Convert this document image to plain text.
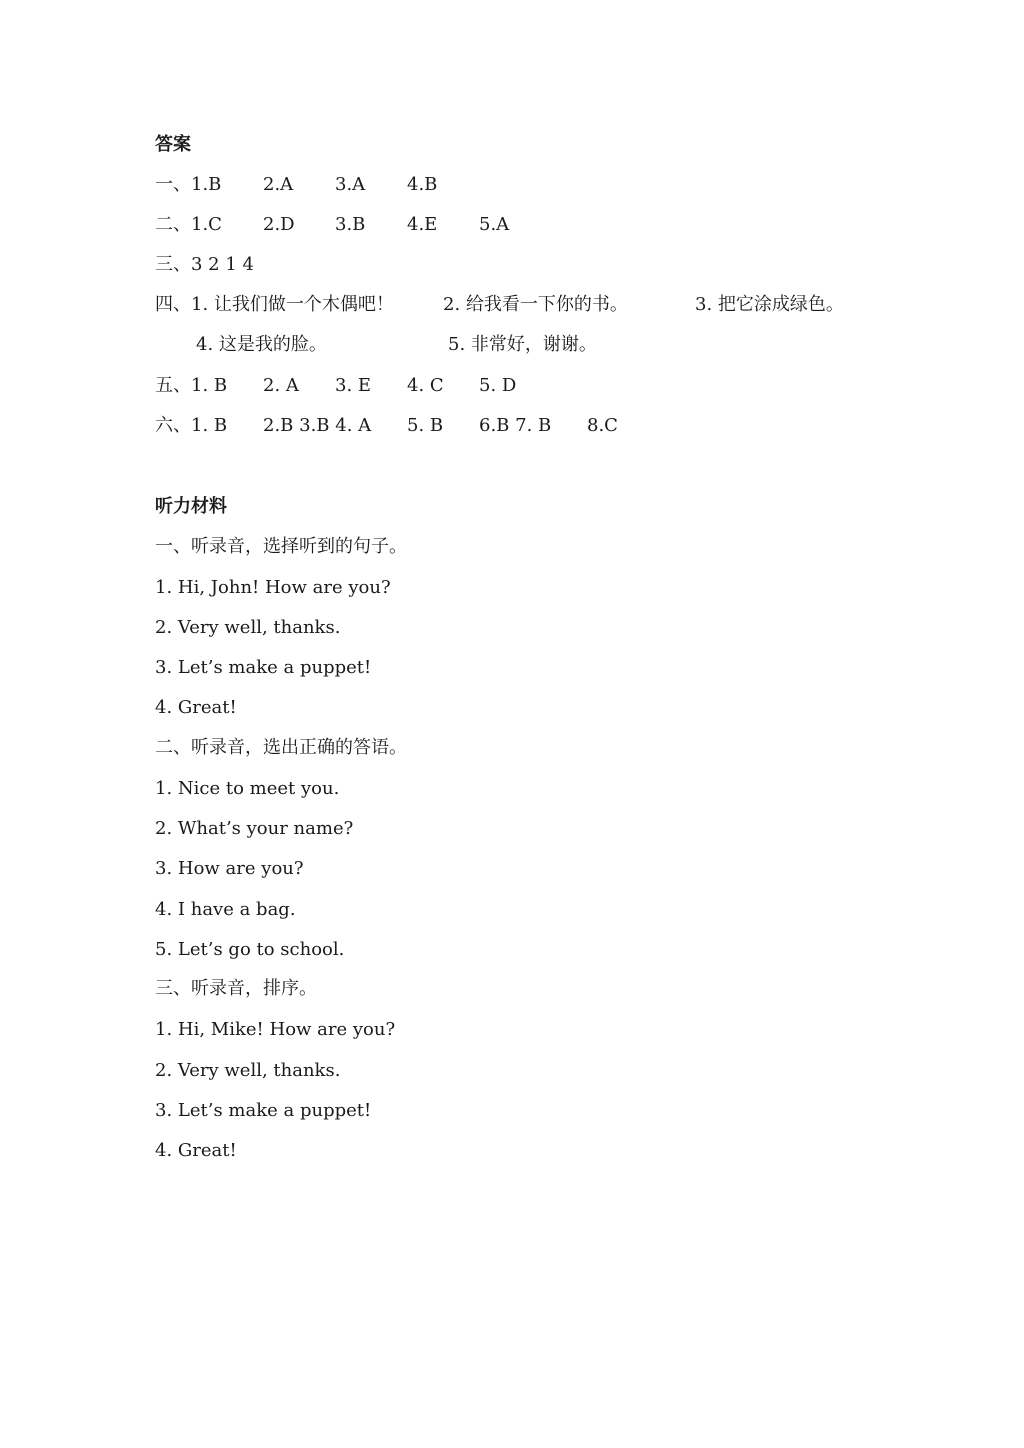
答案
一、1.B 2.A 3.A 4.B
二、1.C 2.D 3.B 4.E 5.A
三、3 2 1 4
四、1. 让我们做一个木偶吧！	2. 给我看一下你的书。	3. 把它涂成绿色。
4. 这是我的脸。	5. 非常好，谢谢。
五、1. B 2. A 3. E 4. C 5. D
六、1. B 2.B 3.B 4. A 5. B 6.B 7. B 8.C
听力材料
一、听录音，选择听到的句子。
1. Hi, John! How are you?
2. Very well, thanks.
3. Let’s make a puppet!
4. Great!
二、听录音，选出正确的答语。
1. Nice to meet you.
2. What’s your name?
3. How are you?
4. I have a bag.
5. Let’s go to school.
三、听录音，排序。
1. Hi, Mike! How are you?
2. Very well, thanks.
3. Let’s make a puppet!
4. Great!
